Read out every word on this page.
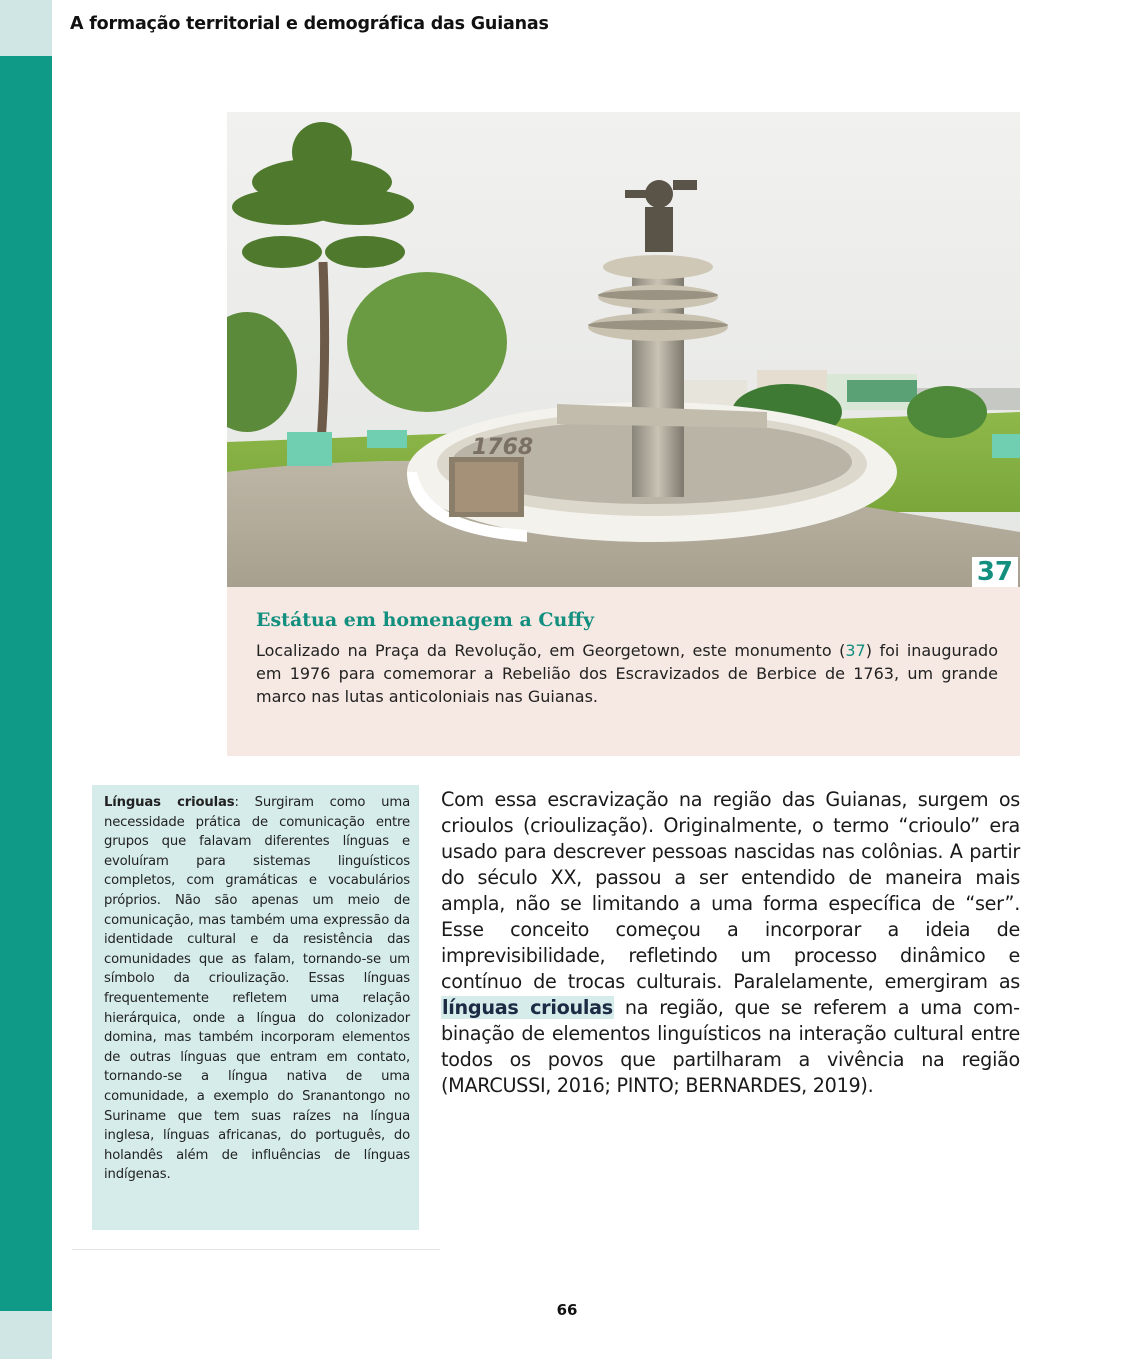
A formação territorial e demográfica das Guianas
1768
37

Estátua em homenagem a Cuffy

Localizado na Praça da Revolução, em Georgetown, este monumento (37) foi inaugurado em 1976 para comemorar a Rebelião dos Escravizados de Berbice de 1763, um grande marco nas lutas anticoloniais nas Guianas.

Línguas crioulas: Surgiram como uma necessidade prática de comunicação entre grupos que falavam diferentes línguas e evoluíram para sistemas linguísticos completos, com gramáticas e vocabulários próprios. Não são apenas um meio de comunicação, mas também uma expressão da identidade cultural e da resistência das comunidades que as falam, tornando-se um símbolo da crioulização. Essas línguas frequentemente refletem uma relação hierárquica, onde a língua do colonizador domina, mas também incorporam elementos de outras línguas que entram em contato, tornando-se a língua nativa de uma comunidade, a exemplo do Sranantongo no Suriname que tem suas raízes na língua inglesa, línguas africanas, do português, do holandês além de influências de línguas indígenas.

Com essa escravização na região das Guianas, surgem os crioulos (crioulização). Originalmente, o termo “crioulo” era usado para descrever pessoas nascidas nas colônias. A partir do século XX, passou a ser entendido de maneira mais ampla, não se limitando a uma forma específica de “ser”. Esse conceito começou a incorporar a ideia de imprevisibilidade, refletindo um processo dinâmico e contínuo de trocas culturais. Paralelamente, emergiram as línguas crioulas na região, que se referem a uma combinação de elementos linguísticos na interação cultural entre todos os povos que partilharam a vivência na região (MARCUSSI, 2016; PINTO; BERNARDES, 2019).

66
